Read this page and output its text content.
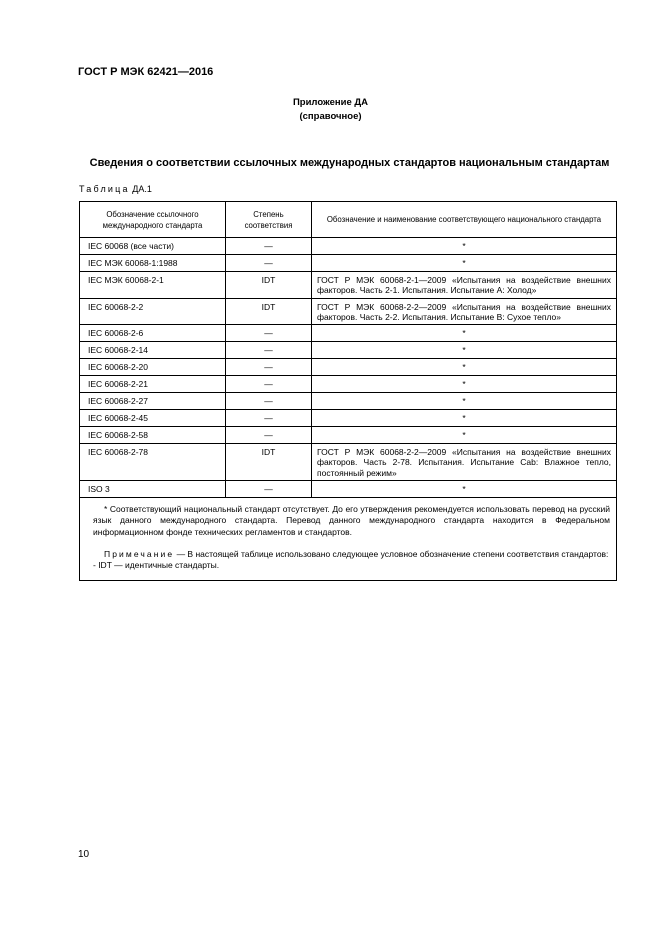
ГОСТ Р МЭК 62421—2016
Приложение ДА
(справочное)
Сведения о соответствии ссылочных международных стандартов национальным стандартам
Таблица ДА.1
Обозначение ссылочного международного стандарта	Степень соответствия	Обозначение и наименование соответствующего национального стандарта
IEC 60068 (все части)	—	*
IEC МЭК 60068-1:1988	—	*
IEC МЭК 60068-2-1	IDT	ГОСТ Р МЭК 60068-2-1—2009 «Испытания на воздействие внешних факторов. Часть 2-1. Испытания. Испытание А: Холод»
IEC 60068-2-2	IDT	ГОСТ Р МЭК 60068-2-2—2009 «Испытания на воздействие внешних факторов. Часть 2-2. Испытания. Испытание В: Сухое тепло»
IEC 60068-2-6	—	*
IEC 60068-2-14	—	*
IEC 60068-2-20	—	*
IEC 60068-2-21	—	*
IEC 60068-2-27	—	*
IEC 60068-2-45	—	*
IEC 60068-2-58	—	*
IEC 60068-2-78	IDT	ГОСТ Р МЭК 60068-2-2—2009 «Испытания на воздействие внешних факторов. Часть 2-78. Испытания. Испытание Cab: Влажное тепло, постоянный режим»
ISO 3	—	*

* Соответствующий национальный стандарт отсутствует. До его утверждения рекомендуется использовать перевод на русский язык данного международного стандарта. Перевод данного международного стандарта находится в Федеральном информационном фонде технических регламентов и стандартов.

Примечание — В настоящей таблице использовано следующее условное обозначение степени соответствия стандартов:

- IDT — идентичные стандарты.		

10
